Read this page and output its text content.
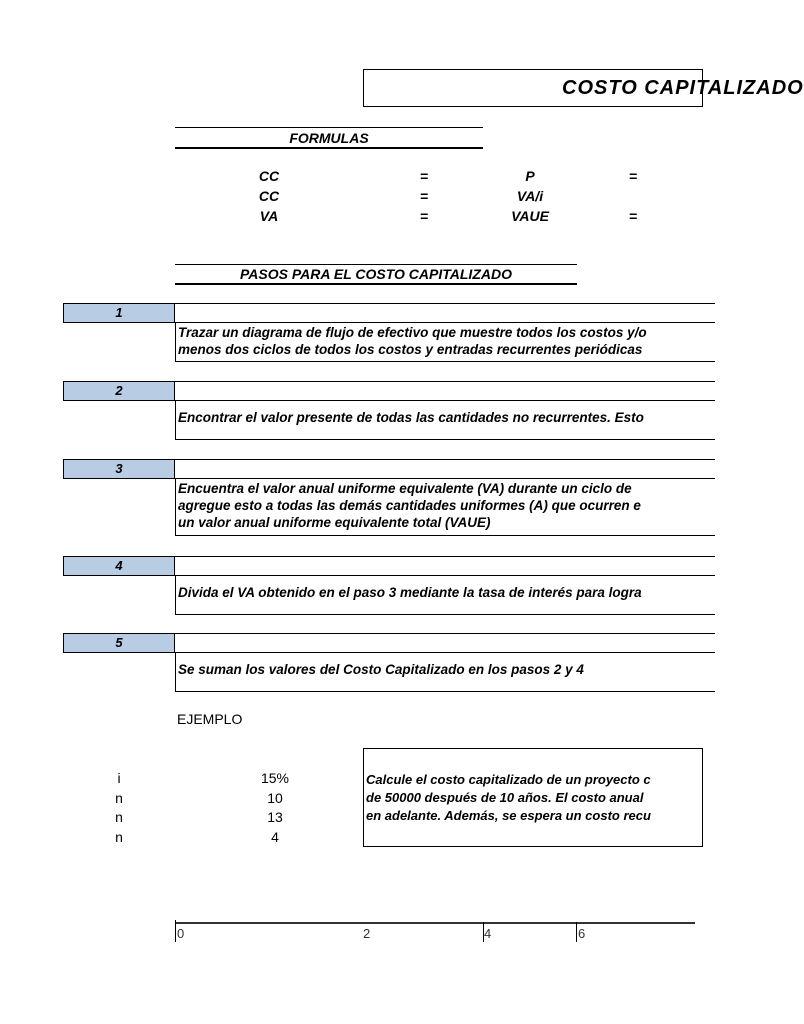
COSTO CAPITALIZADO
FORMULAS
CC	=	P	=
CC	=	VA/i
VA	=	VAUE	=
PASOS PARA EL COSTO CAPITALIZADO
1
Trazar un diagrama de flujo de efectivo que muestre todos los costos y/o
menos dos ciclos de todos los costos y entradas recurrentes periódicas
2
Encontrar el valor presente de todas las cantidades no recurrentes. Esto
3
Encuentra el valor anual uniforme equivalente (VA) durante un ciclo de
agregue esto a todas las demás cantidades uniformes (A) que ocurren e
un valor anual uniforme equivalente total (VAUE)
4
Divida el VA obtenido en el paso 3 mediante la tasa de interés para logra
5
Se suman los valores del Costo Capitalizado en los pasos 2 y 4
EJEMPLO
i	15%
n	10
n	13
n	4
Calcule el costo capitalizado de un proyecto c
de 50000 después de 10 años. El costo anual
en adelante. Además, se espera un costo recu
0	2	4	6
